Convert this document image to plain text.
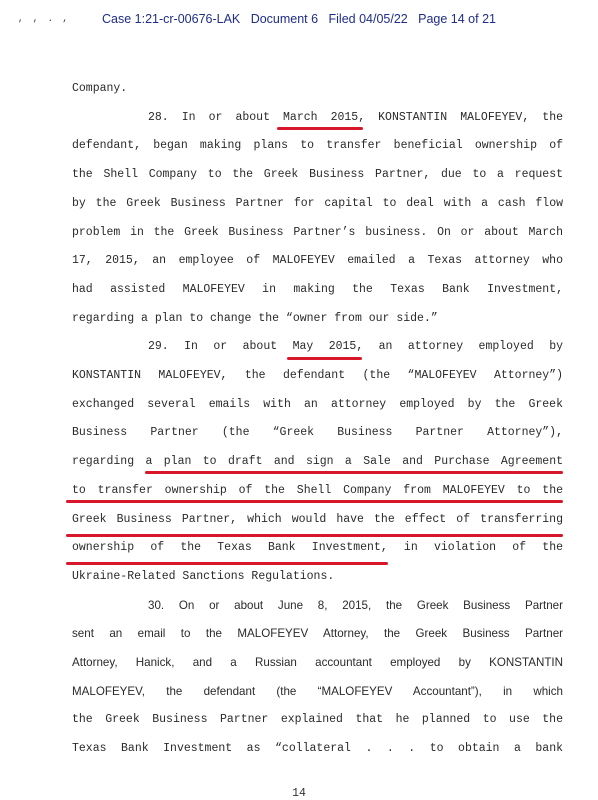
, , . ,	Case 1:21-cr-00676-LAK   Document 6   Filed 04/05/22   Page 14 of 21
Company.
28. In or about March 2015, KONSTANTIN MALOFEYEV, the
defendant, began making plans to transfer beneficial ownership of
the Shell Company to the Greek Business Partner, due to a request
by the Greek Business Partner for capital to deal with a cash flow
problem in the Greek Business Partner’s business. On or about March
17, 2015, an employee of MALOFEYEV emailed a Texas attorney who
had assisted MALOFEYEV in making the Texas Bank Investment,
regarding a plan to change the “owner from our side.”
29. In or about May 2015, an attorney employed by
KONSTANTIN MALOFEYEV, the defendant (the “MALOFEYEV Attorney”)
exchanged several emails with an attorney employed by the Greek
Business Partner (the “Greek Business Partner Attorney”),
regarding a plan to draft and sign a Sale and Purchase Agreement
to transfer ownership of the Shell Company from MALOFEYEV to the
Greek Business Partner, which would have the effect of transferring
ownership of the Texas Bank Investment, in violation of the
Ukraine-Related Sanctions Regulations.
30. On or about June 8, 2015, the Greek Business Partner
sent an email to the MALOFEYEV Attorney, the Greek Business Partner
Attorney, Hanick, and a Russian accountant employed by KONSTANTIN
MALOFEYEV, the defendant (the “MALOFEYEV Accountant”), in which
the Greek Business Partner explained that he planned to use the
Texas Bank Investment as “collateral . . . to obtain a bank
14
